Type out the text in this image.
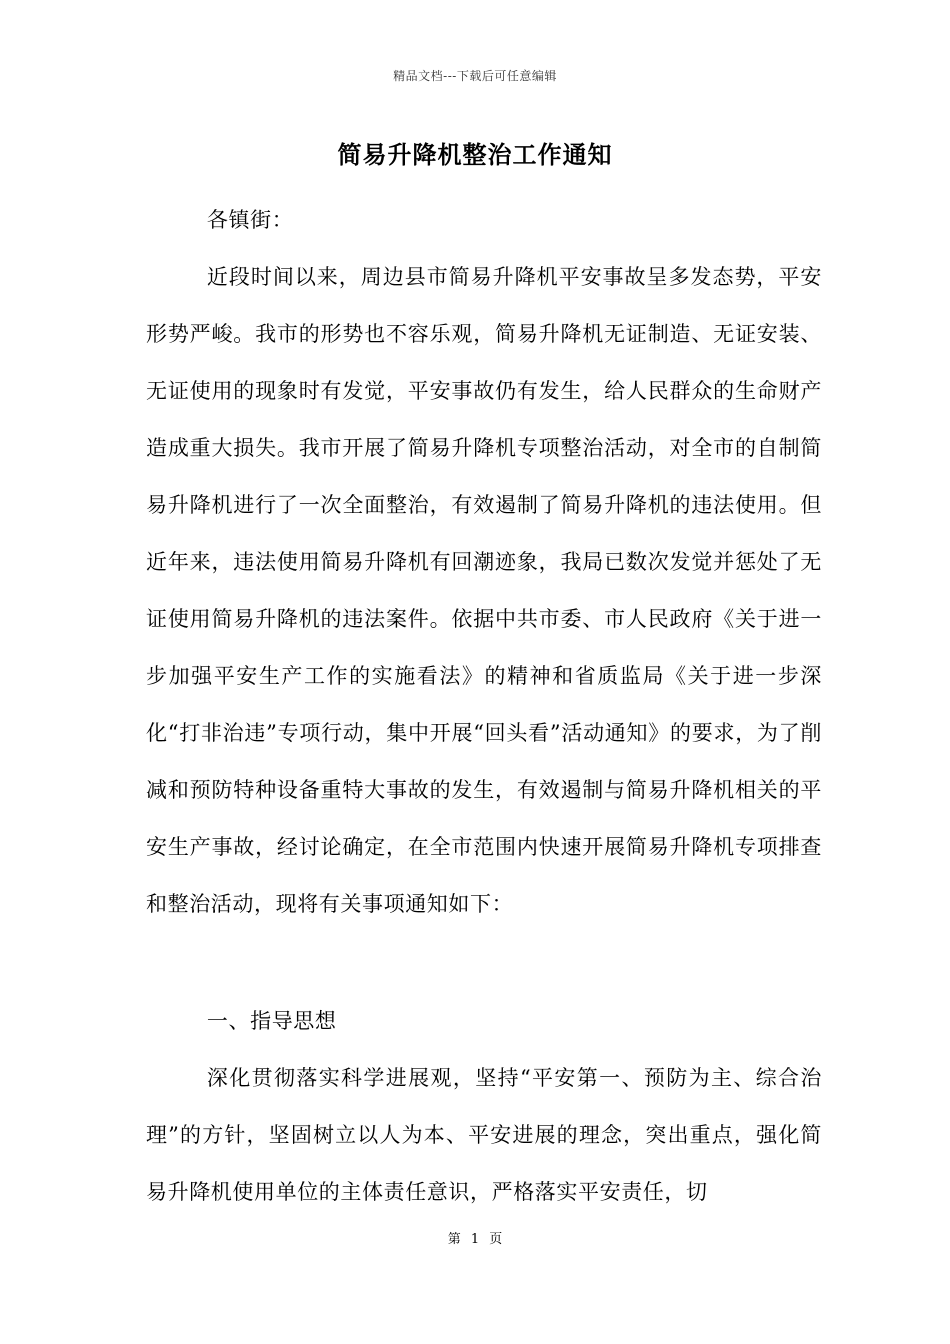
精品文档---下载后可任意编辑
简易升降机整治工作通知

各镇街：

近段时间以来，周边县市简易升降机平安事故呈多发态势，平安形势严峻。我市的形势也不容乐观，简易升降机无证制造、无证安装、无证使用的现象时有发觉，平安事故仍有发生，给人民群众的生命财产造成重大损失。我市开展了简易升降机专项整治活动，对全市的自制简易升降机进行了一次全面整治，有效遏制了简易升降机的违法使用。但近年来，违法使用简易升降机有回潮迹象，我局已数次发觉并惩处了无证使用简易升降机的违法案件。依据中共市委、市人民政府《关于进一步加强平安生产工作的实施看法》的精神和省质监局《关于进一步深化“打非治违”专项行动，集中开展“回头看”活动通知》的要求，为了削减和预防特种设备重特大事故的发生，有效遏制与简易升降机相关的平安生产事故，经讨论确定，在全市范围内快速开展简易升降机专项排查和整治活动，现将有关事项通知如下：

一、指导思想

深化贯彻落实科学进展观，坚持“平安第一、预防为主、综合治理”的方针，坚固树立以人为本、平安进展的理念，突出重点，强化简易升降机使用单位的主体责任意识，严格落实平安责任，切

第 1 页
